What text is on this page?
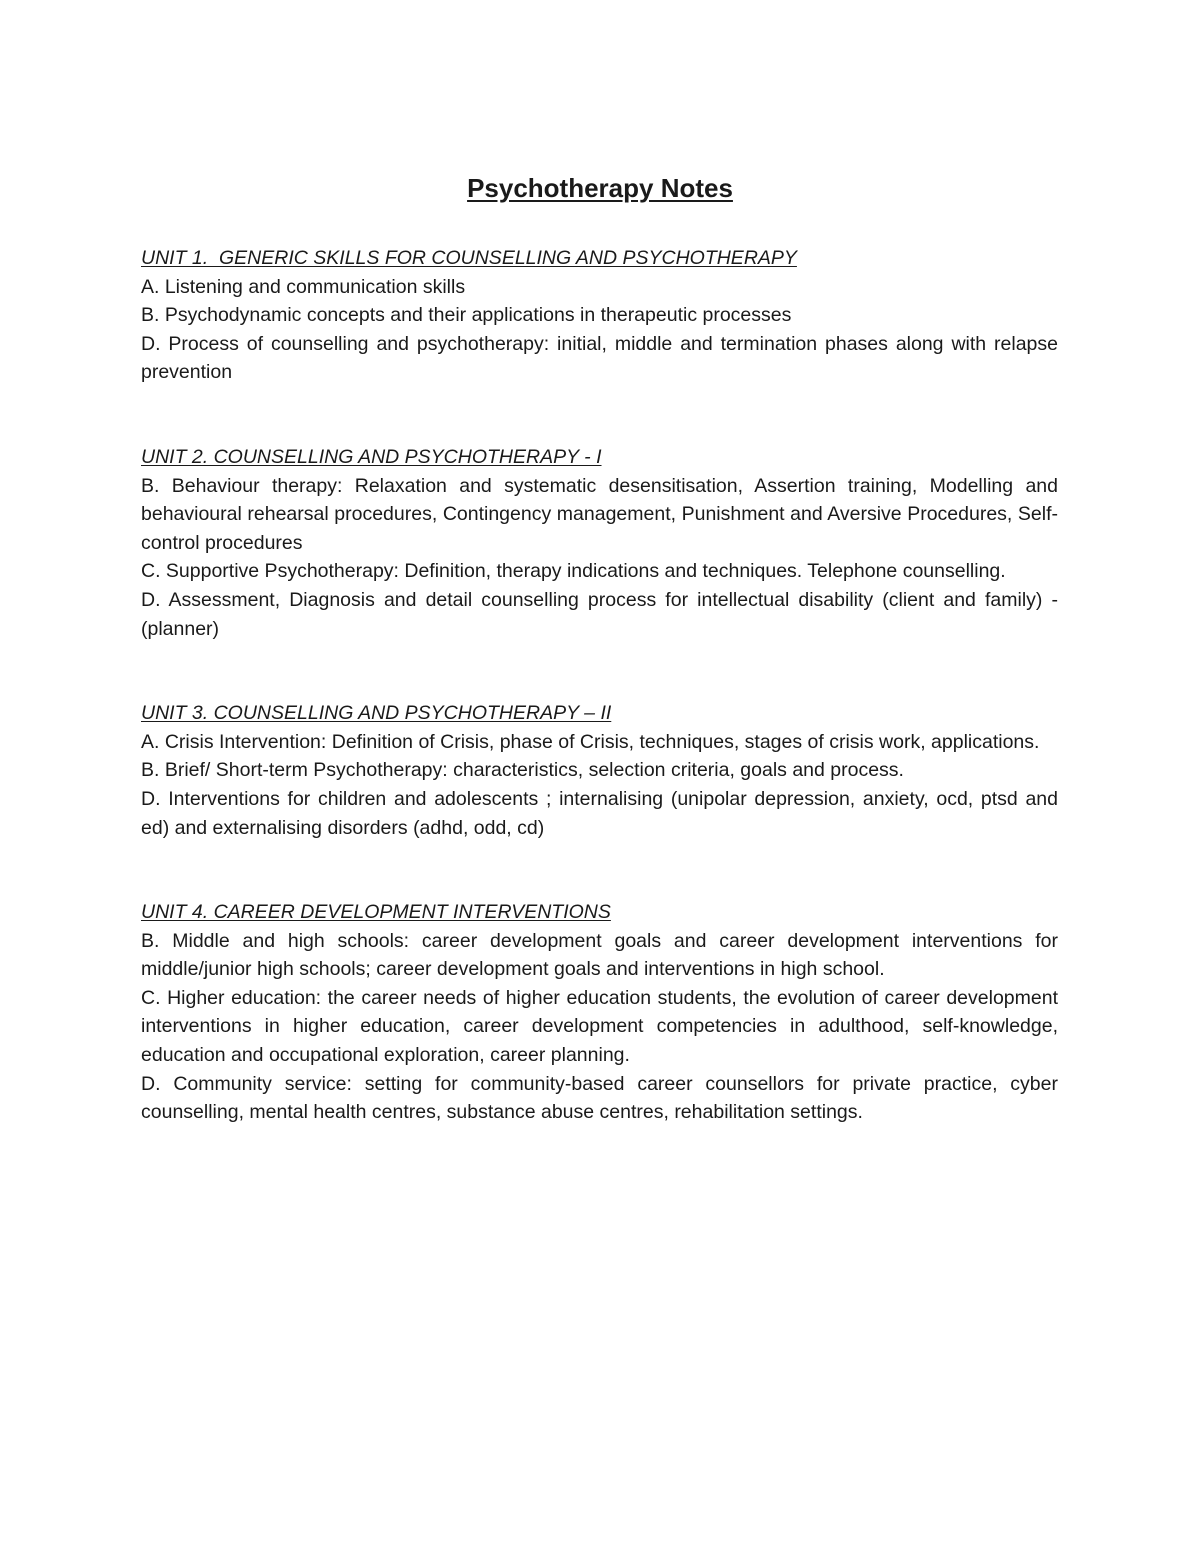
Psychotherapy Notes

UNIT 1.  GENERIC SKILLS FOR COUNSELLING AND PSYCHOTHERAPY

A. Listening and communication skills

B. Psychodynamic concepts and their applications in therapeutic processes

D. Process of counselling and psychotherapy: initial, middle and termination phases along with relapse prevention

UNIT 2. COUNSELLING AND PSYCHOTHERAPY - I

B. Behaviour therapy: Relaxation and systematic desensitisation, Assertion training, Modelling and behavioural rehearsal procedures, Contingency management, Punishment and Aversive Procedures, Self-control procedures

C. Supportive Psychotherapy: Definition, therapy indications and techniques. Telephone counselling.

D. Assessment, Diagnosis and detail counselling process for intellectual disability (client and family) - (planner)

UNIT 3. COUNSELLING AND PSYCHOTHERAPY – II

A. Crisis Intervention: Definition of Crisis, phase of Crisis, techniques, stages of crisis work, applications.

B. Brief/ Short-term Psychotherapy: characteristics, selection criteria, goals and process.

D. Interventions for children and adolescents ; internalising (unipolar depression, anxiety, ocd, ptsd and ed) and externalising disorders (adhd, odd, cd)

UNIT 4. CAREER DEVELOPMENT INTERVENTIONS

B. Middle and high schools: career development goals and career development interventions for middle/junior high schools; career development goals and interventions in high school.

C. Higher education: the career needs of higher education students, the evolution of career development interventions in higher education, career development competencies in adulthood, self-knowledge, education and occupational exploration, career planning.

D. Community service: setting for community-based career counsellors for private practice, cyber counselling, mental health centres, substance abuse centres, rehabilitation settings.
